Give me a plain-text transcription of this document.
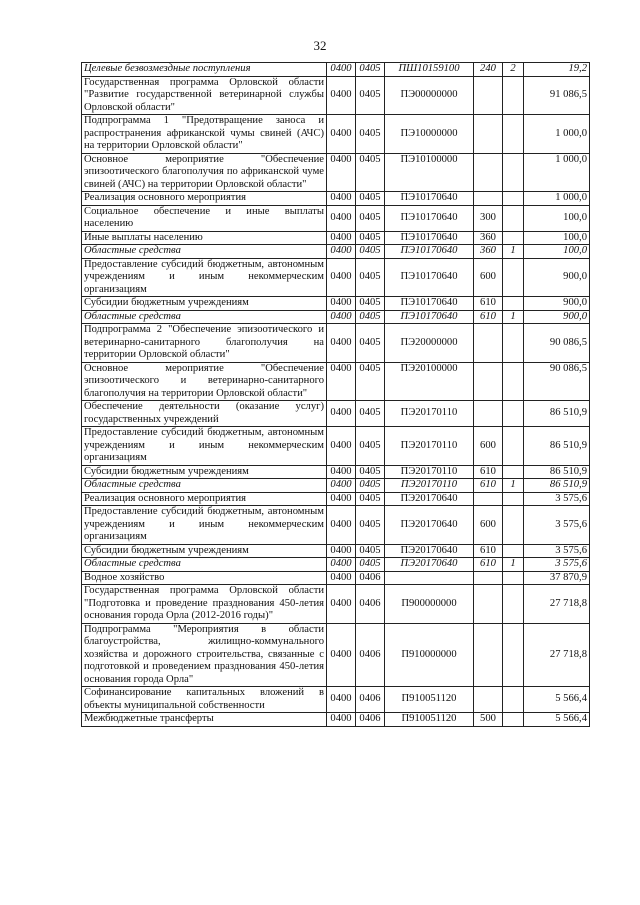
32
Целевые безвозмездные поступления	0400	0405	ПШ10159100	240	2	19,2
Государственная программа Орловской области "Развитие государственной ветеринарной службы Орловской области"	0400	0405	ПЭ00000000			91 086,5
Подпрограмма 1 "Предотвращение заноса и распространения африканской чумы свиней (АЧС) на территории Орловской области"	0400	0405	ПЭ10000000			1 000,0
Основное мероприятие "Обеспечение эпизоотического благополучия по африканской чуме свиней (АЧС) на территории Орловской области"	0400	0405	ПЭ10100000			1 000,0
Реализация основного мероприятия	0400	0405	ПЭ10170640			1 000,0
Социальное обеспечение и иные выплаты населению	0400	0405	ПЭ10170640	300		100,0
Иные выплаты населению	0400	0405	ПЭ10170640	360		100,0
Областные средства	0400	0405	ПЭ10170640	360	1	100,0
Предоставление субсидий бюджетным, автономным учреждениям и иным некоммерческим организациям	0400	0405	ПЭ10170640	600		900,0
Субсидии бюджетным учреждениям	0400	0405	ПЭ10170640	610		900,0
Областные средства	0400	0405	ПЭ10170640	610	1	900,0
Подпрограмма 2 "Обеспечение эпизоотического и ветеринарно-санитарного благополучия на территории Орловской области"	0400	0405	ПЭ20000000			90 086,5
Основное мероприятие "Обеспечение эпизоотического и ветеринарно-санитарного благополучия на территории Орловской области"	0400	0405	ПЭ20100000			90 086,5
Обеспечение деятельности (оказание услуг) государственных учреждений	0400	0405	ПЭ20170110			86 510,9
Предоставление субсидий бюджетным, автономным учреждениям и иным некоммерческим организациям	0400	0405	ПЭ20170110	600		86 510,9
Субсидии бюджетным учреждениям	0400	0405	ПЭ20170110	610		86 510,9
Областные средства	0400	0405	ПЭ20170110	610	1	86 510,9
Реализация основного мероприятия	0400	0405	ПЭ20170640			3 575,6
Предоставление субсидий бюджетным, автономным учреждениям и иным некоммерческим организациям	0400	0405	ПЭ20170640	600		3 575,6
Субсидии бюджетным учреждениям	0400	0405	ПЭ20170640	610		3 575,6
Областные средства	0400	0405	ПЭ20170640	610	1	3 575,6
Водное хозяйство	0400	0406				37 870,9
Государственная программа Орловской области "Подготовка и проведение празднования 450-летия основания города Орла (2012-2016 годы)"	0400	0406	П900000000			27 718,8
Подпрограмма "Мероприятия в области благоустройства, жилищно-коммунального хозяйства и дорожного строительства, связанные с подготовкой и проведением празднования 450-летия основания города Орла"	0400	0406	П910000000			27 718,8
Софинансирование капитальных вложений в объекты муниципальной собственности	0400	0406	П910051120			5 566,4
Межбюджетные трансферты	0400	0406	П910051120	500		5 566,4
